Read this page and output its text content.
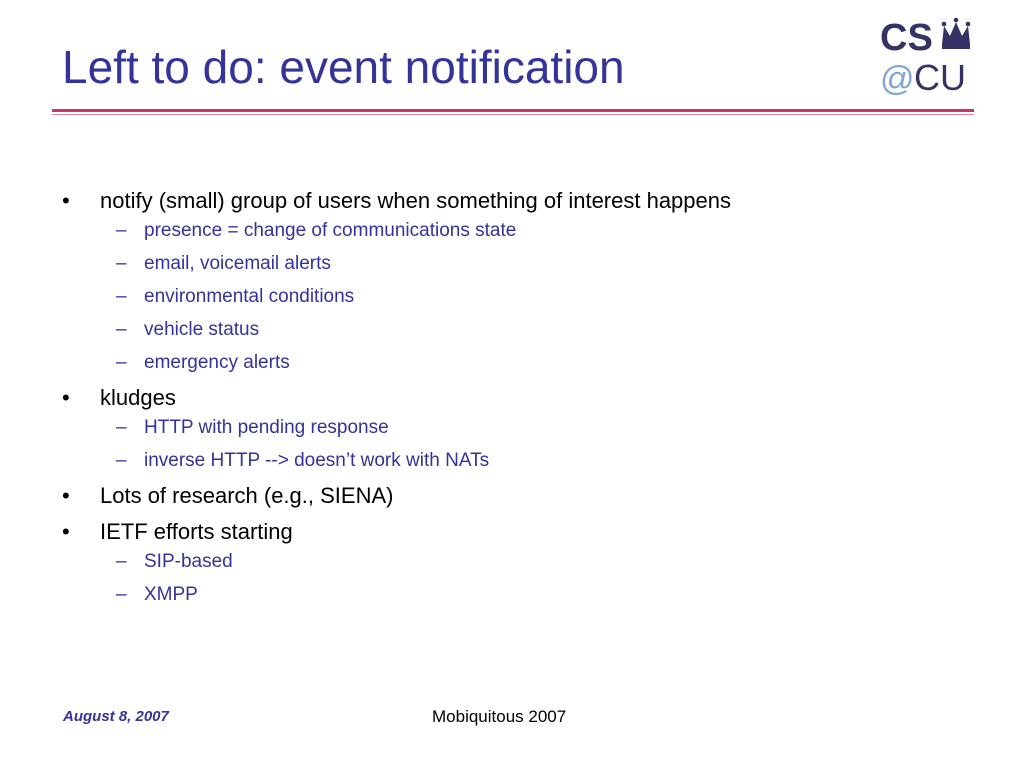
Left to do: event notification
CS
@ CU
• notify (small) group of users when something of interest happens
– presence = change of communications state
– email, voicemail alerts
– environmental conditions
– vehicle status
– emergency alerts
• kludges
– HTTP with pending response
– inverse HTTP --> doesn’t work with NATs
• Lots of research (e.g., SIENA)
• IETF efforts starting
– SIP-based
– XMPP
August 8, 2007	Mobiquitous 2007
